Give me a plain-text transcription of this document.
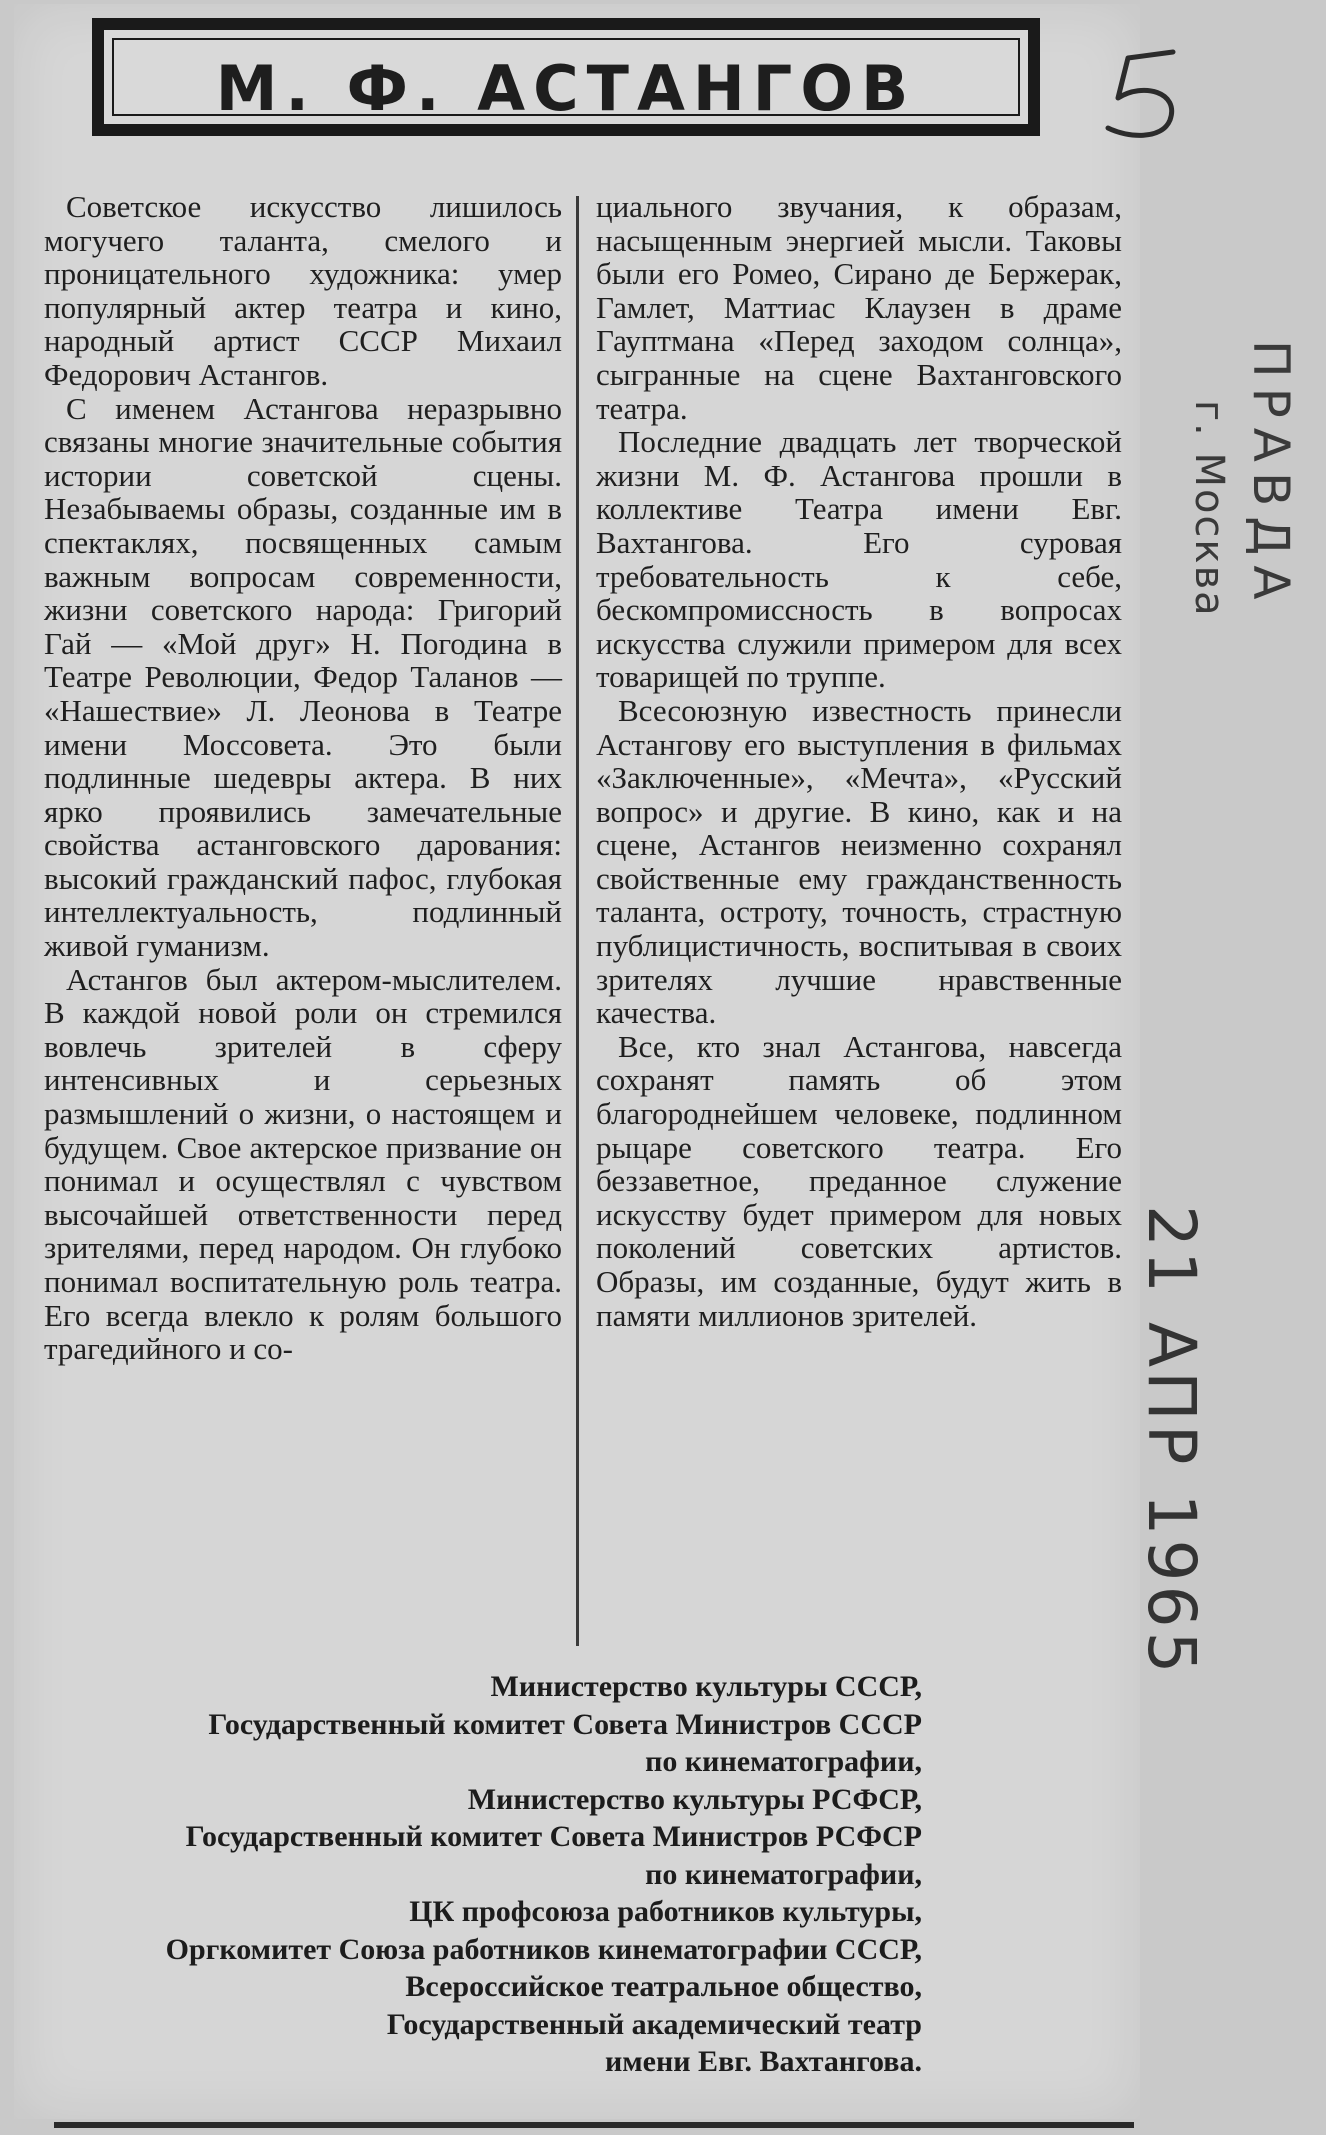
М. Ф. АСТАНГОВ

Советское искусство лишилось могучего таланта, смелого и проницательного художника: умер популярный актер театра и кино, народный артист СССР Михаил Федорович Астангов.

С именем Астангова неразрывно связаны многие значительные события истории советской сцены. Незабываемы образы, созданные им в спектаклях, посвященных самым важным вопросам современности, жизни советского народа: Григорий Гай — «Мой друг» Н. Погодина в Театре Революции, Федор Таланов — «Нашествие» Л. Леонова в Театре имени Моссовета. Это были подлинные шедевры актера. В них ярко проявились замечательные свойства астанговского дарования: высокий гражданский пафос, глубокая интеллектуальность, подлинный живой гуманизм.

Астангов был актером-мыслителем. В каждой новой роли он стремился вовлечь зрителей в сферу интенсивных и серьезных размышлений о жизни, о настоящем и будущем. Свое актерское призвание он понимал и осуществлял с чувством высочайшей ответственности перед зрителями, перед народом. Он глубоко понимал воспитательную роль театра. Его всегда влекло к ролям большого трагедийного и со-

циального звучания, к образам, насыщенным энергией мысли. Таковы были его Ромео, Сирано де Бержерак, Гамлет, Маттиас Клаузен в драме Гауптмана «Перед заходом солнца», сыгранные на сцене Вахтанговского театра.

Последние двадцать лет творческой жизни М. Ф. Астангова прошли в коллективе Театра имени Евг. Вахтангова. Его суровая требовательность к себе, бескомпромиссность в вопросах искусства служили примером для всех товарищей по труппе.

Всесоюзную известность принесли Астангову его выступления в фильмах «Заключенные», «Мечта», «Русский вопрос» и другие. В кино, как и на сцене, Астангов неизменно сохранял свойственные ему гражданственность таланта, остроту, точность, страстную публицистичность, воспитывая в своих зрителях лучшие нравственные качества.

Все, кто знал Астангова, навсегда сохранят память об этом благороднейшем человеке, подлинном рыцаре советского театра. Его беззаветное, преданное служение искусству будет примером для новых поколений советских артистов. Образы, им созданные, будут жить в памяти миллионов зрителей.

Министерство культуры СССР,
Государственный комитет Совета Министров СССР
по кинематографии,
Министерство культуры РСФСР,
Государственный комитет Совета Министров РСФСР
по кинематографии,
ЦК профсоюза работников культуры,
Оргкомитет Союза работников кинематографии СССР,
Всероссийское театральное общество,
Государственный академический театр
имени Евг. Вахтангова.
ПРАВДА
г. Москва
21 АПР 1965
